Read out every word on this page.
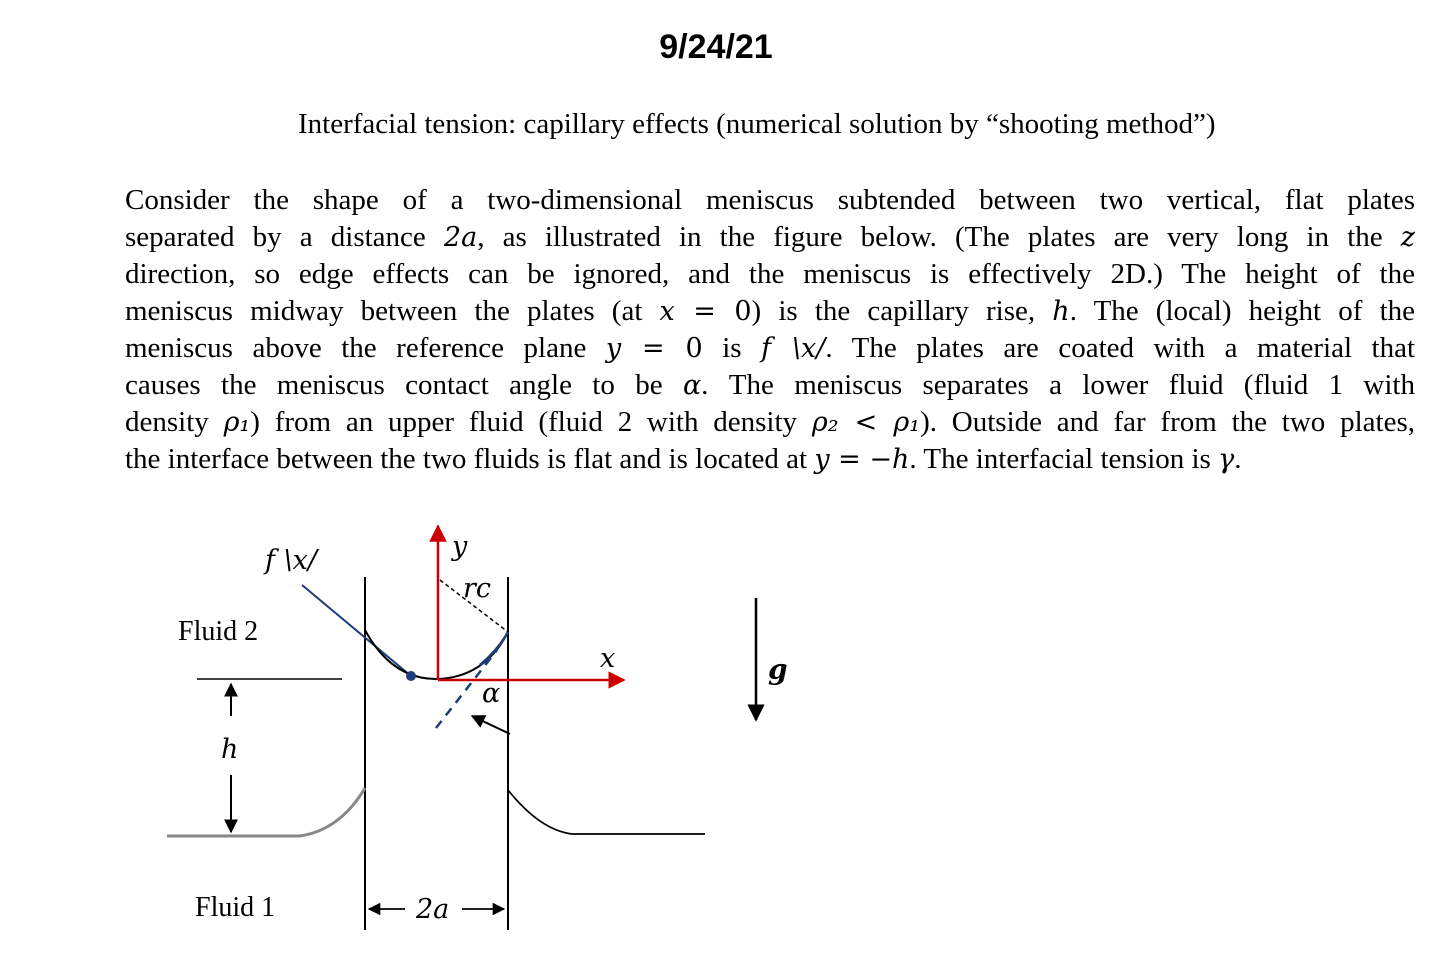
9/24/21
Interfacial tension: capillary effects (numerical solution by “shooting method”)
Consider the shape of a two-dimensional meniscus subtended between two vertical, flat plates
separated by a distance 2a, as illustrated in the figure below. (The plates are very long in the z
direction, so edge effects can be ignored, and the meniscus is effectively 2D.) The height of the
meniscus midway between the plates (at x = 0) is the capillary rise, h. The (local) height of the
meniscus above the reference plane y = 0 is f \x/. The plates are coated with a material that
causes the meniscus contact angle to be α. The meniscus separates a lower fluid (fluid 1 with
density ρ₁) from an upper fluid (fluid 2 with density ρ₂ < ρ₁). Outside and far from the two plates,
the interface between the two fluids is flat and is located at y = −h. The interfacial tension is γ.
f \x/	y
rc
Fluid 2
x	g
α
h
Fluid 1	2a
